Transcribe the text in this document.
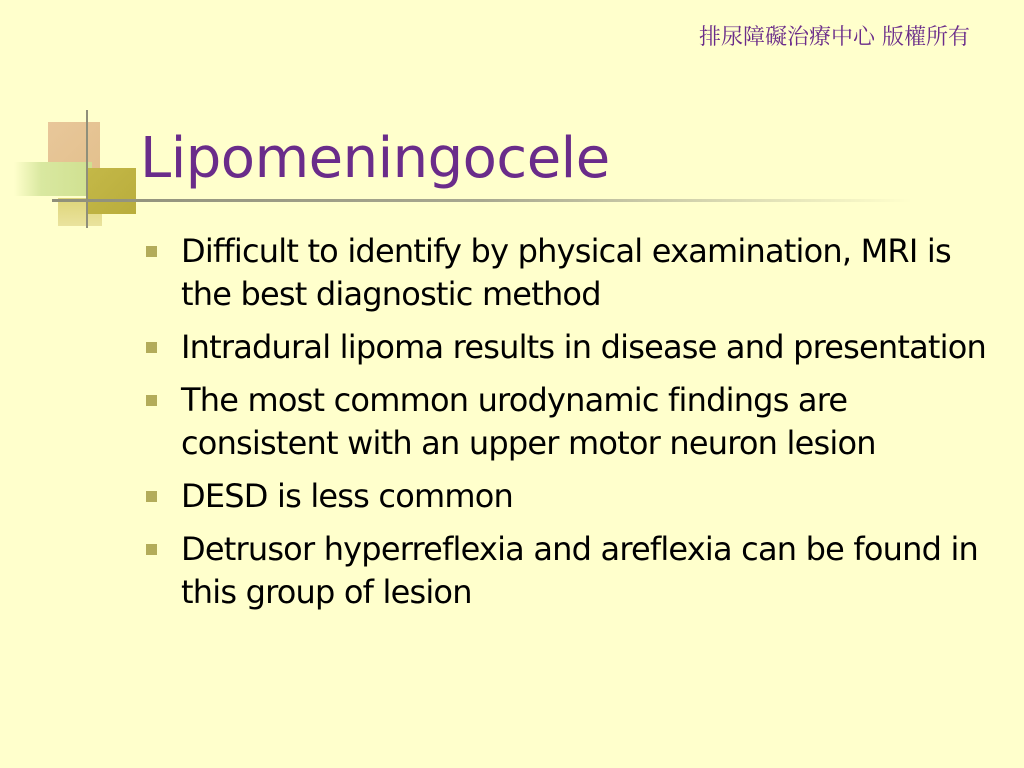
排尿障礙治療中心 版權所有
Lipomeningocele
Difficult to identify by physical examination, MRI is the best diagnostic method
Intradural lipoma results in disease and presentation
The most common urodynamic findings are consistent with an upper motor neuron lesion
DESD is less common
Detrusor hyperreflexia and areflexia can be found in this group of lesion
